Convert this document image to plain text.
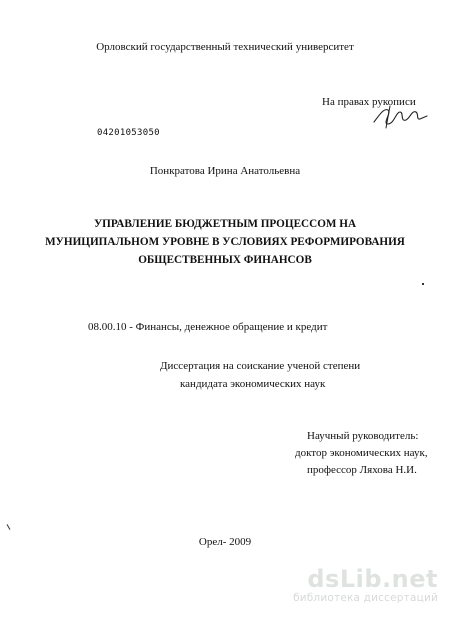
Орловский государственный технический университет
На правах рукописи
04201053050
Понкратова Ирина Анатольевна
УПРАВЛЕНИЕ БЮДЖЕТНЫМ ПРОЦЕССОМ НА
МУНИЦИПАЛЬНОМ УРОВНЕ В УСЛОВИЯХ РЕФОРМИРОВАНИЯ
ОБЩЕСТВЕННЫХ ФИНАНСОВ
08.00.10 - Финансы, денежное обращение и кредит
Диссертация на соискание ученой степени
кандидата экономических наук
Научный руководитель:
доктор экономических наук,
профессор Ляхова Н.И.
Орел- 2009
dsLib.net
библиотека диссертаций
